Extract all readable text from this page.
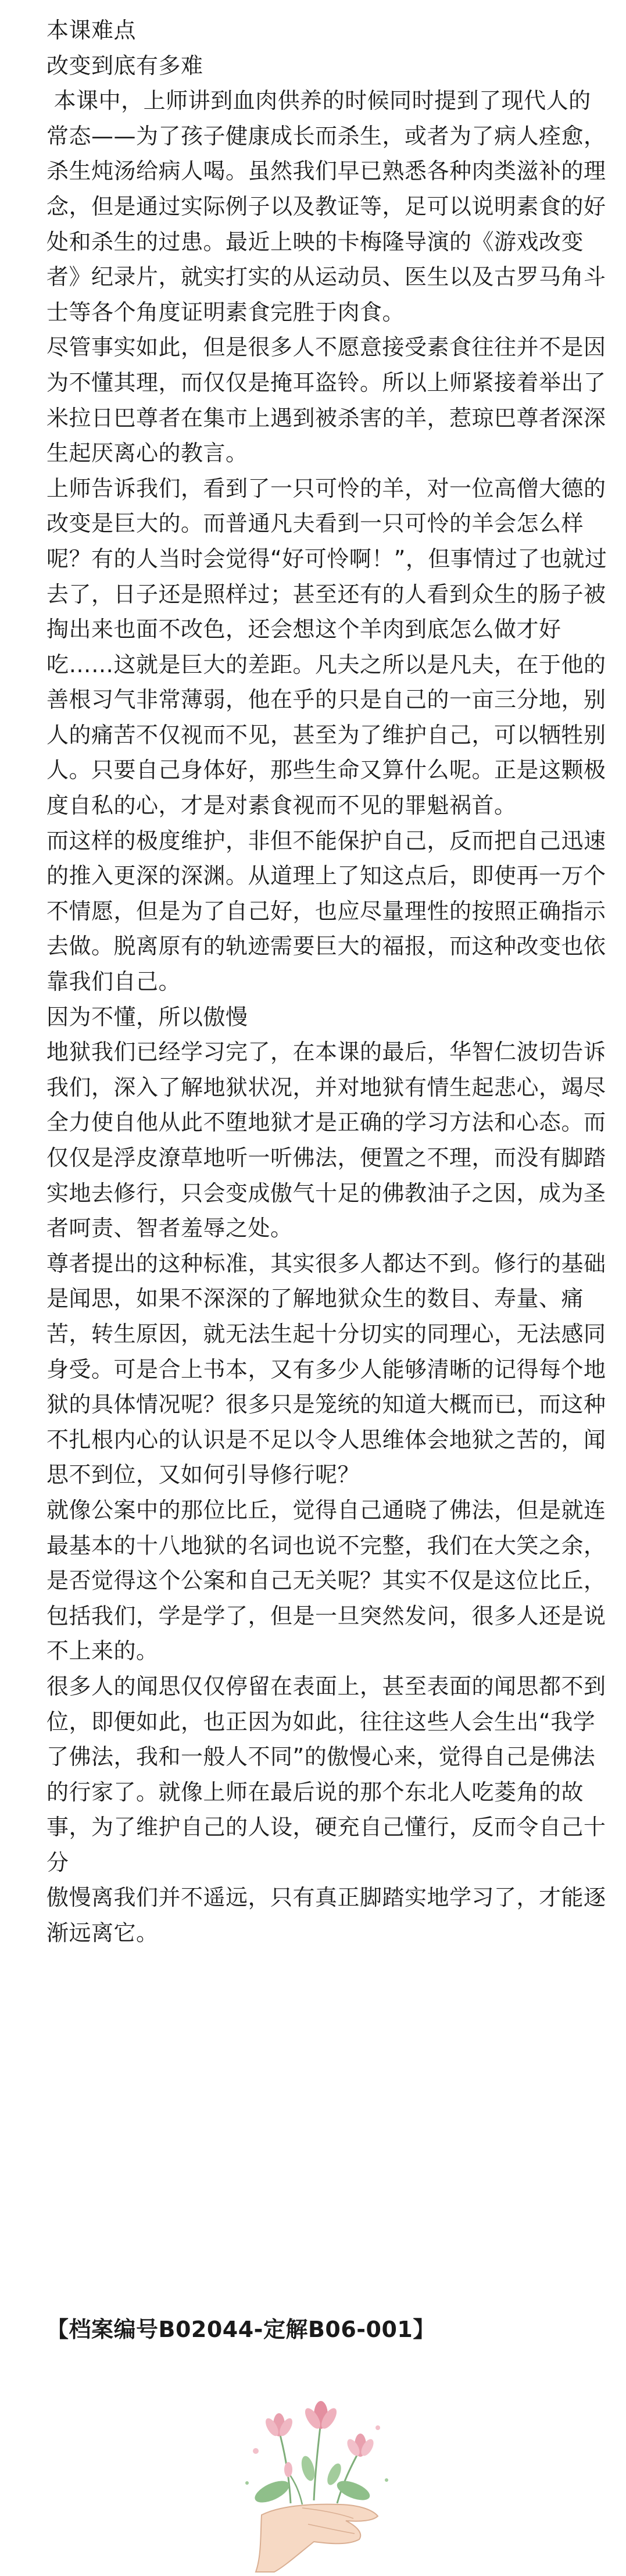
本课难点

改变到底有多难

本课中，上师讲到血肉供养的时候同时提到了现代人的常态——为了孩子健康成长而杀生，或者为了病人痊愈，杀生炖汤给病人喝。虽然我们早已熟悉各种肉类滋补的理念，但是通过实际例子以及教证等，足可以说明素食的好处和杀生的过患。最近上映的卡梅隆导演的《游戏改变者》纪录片，就实打实的从运动员、医生以及古罗马角斗士等各个角度证明素食完胜于肉食。

尽管事实如此，但是很多人不愿意接受素食往往并不是因为不懂其理，而仅仅是掩耳盗铃。所以上师紧接着举出了米拉日巴尊者在集市上遇到被杀害的羊，惹琼巴尊者深深生起厌离心的教言。

上师告诉我们，看到了一只可怜的羊，对一位高僧大德的改变是巨大的。而普通凡夫看到一只可怜的羊会怎么样呢？有的人当时会觉得“好可怜啊！”，但事情过了也就过去了，日子还是照样过；甚至还有的人看到众生的肠子被掏出来也面不改色，还会想这个羊肉到底怎么做才好吃……这就是巨大的差距。凡夫之所以是凡夫，在于他的善根习气非常薄弱，他在乎的只是自己的一亩三分地，别人的痛苦不仅视而不见，甚至为了维护自己，可以牺牲别人。只要自己身体好，那些生命又算什么呢。正是这颗极度自私的心，才是对素食视而不见的罪魁祸首。

而这样的极度维护，非但不能保护自己，反而把自己迅速的推入更深的深渊。从道理上了知这点后，即使再一万个不情愿，但是为了自己好，也应尽量理性的按照正确指示去做。脱离原有的轨迹需要巨大的福报，而这种改变也依靠我们自己。

因为不懂，所以傲慢

地狱我们已经学习完了，在本课的最后，华智仁波切告诉我们，深入了解地狱状况，并对地狱有情生起悲心，竭尽全力使自他从此不堕地狱才是正确的学习方法和心态。而仅仅是浮皮潦草地听一听佛法，便置之不理，而没有脚踏实地去修行，只会变成傲气十足的佛教油子之因，成为圣者呵责、智者羞辱之处。

尊者提出的这种标准，其实很多人都达不到。修行的基础是闻思，如果不深深的了解地狱众生的数目、寿量、痛苦，转生原因，就无法生起十分切实的同理心，无法感同身受。可是合上书本，又有多少人能够清晰的记得每个地狱的具体情况呢？很多只是笼统的知道大概而已，而这种不扎根内心的认识是不足以令人思维体会地狱之苦的，闻思不到位，又如何引导修行呢？

就像公案中的那位比丘，觉得自己通晓了佛法，但是就连最基本的十八地狱的名词也说不完整，我们在大笑之余，是否觉得这个公案和自己无关呢？其实不仅是这位比丘，包括我们，学是学了，但是一旦突然发问，很多人还是说不上来的。

很多人的闻思仅仅停留在表面上，甚至表面的闻思都不到位，即便如此，也正因为如此，往往这些人会生出“我学了佛法，我和一般人不同”的傲慢心来，觉得自己是佛法的行家了。就像上师在最后说的那个东北人吃菱角的故事，为了维护自己的人设，硬充自己懂行，反而令自己十分

傲慢离我们并不遥远，只有真正脚踏实地学习了，才能逐渐远离它。

【档案编号B02044-定解B06-001】
